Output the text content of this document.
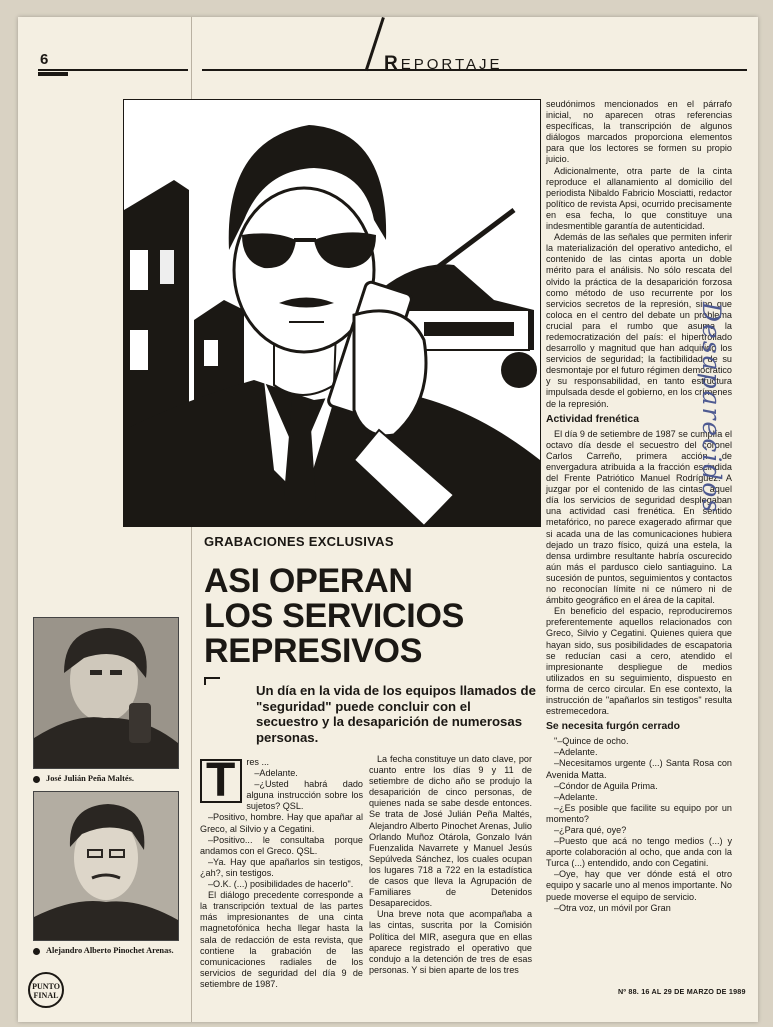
6	REPORTAJE
GRABACIONES EXCLUSIVAS
ASI OPERAN
LOS SERVICIOS
REPRESIVOS

Un día en la vida de los equipos llamados de "seguridad" puede concluir con el secuestro y la desaparición de numerosas personas.

T	res ...

–Adelante.

–¿Usted habrá dado alguna instrucción sobre los sujetos? QSL.

–Positivo, hombre. Hay que apañar al Greco, al Silvio y a Cegatini.

–Positivo... le consultaba porque andamos con el Greco. QSL.

–Ya. Hay que apañarlos sin testigos, ¿ah?, sin testigos.

–O.K. (...) posibilidades de hacerlo".

El diálogo precedente corresponde a la transcripción textual de las partes más impresionantes de una cinta magnetofónica hecha llegar hasta la sala de redacción de esta revista, que contiene la grabación de las comunicaciones radiales de los servicios de seguridad del día 9 de setiembre de 1987.

La fecha constituye un dato clave, por cuanto entre los días 9 y 11 de setiembre de dicho año se produjo la desaparición de cinco personas, de quienes nada se sabe desde entonces. Se trata de José Julián Peña Maltés, Alejandro Alberto Pinochet Arenas, Julio Orlando Muñoz Otárola, Gonzalo Iván Fuenzalida Navarrete y Manuel Jesús Sepúlveda Sánchez, los cuales ocupan los lugares 718 a 722 en la estadística de casos que lleva la Agrupación de Familiares de Detenidos Desaparecidos.

Una breve nota que acompañaba a las cintas, suscrita por la Comisión Política del MIR, asegura que en ellas aparece registrado el operativo que condujo a la detención de tres de esas personas. Y si bien aparte de los tres

seudónimos mencionados en el párrafo inicial, no aparecen otras referencias específicas, la transcripción de algunos diálogos marcados proporciona elementos para que los lectores se formen su propio juicio.

Adicionalmente, otra parte de la cinta reproduce el allanamiento al domicilio del periodista Nibaldo Fabricio Mosciatti, redactor político de revista Apsi, ocurrido precisamente en esa fecha, lo que constituye una indesmentible garantía de autenticidad.

Además de las señales que permiten inferir la materialización del operativo antedicho, el contenido de las cintas aporta un doble mérito para el análisis. No sólo rescata del olvido la práctica de la desaparición forzosa como método de uso recurrente por los servicios secretos de la represión, sino que coloca en el centro del debate un problema crucial para el rumbo que asuma la redemocratización del país: el hipertrofiado desarrollo y magnitud que han adquirido los servicios de seguridad; la factibilidad de su desmontaje por el futuro régimen democrático y su responsabilidad, en tanto estructura impulsada desde el gobierno, en los crímenes de la represión.

Actividad frenética

El día 9 de setiembre de 1987 se cumplía el octavo día desde el secuestro del coronel Carlos Carreño, primera acción de envergadura atribuida a la fracción escindida del Frente Patriótico Manuel Rodríguez. A juzgar por el contenido de las cintas, aquel día los servicios de seguridad desplegaban una actividad casi frenética. En sentido metafórico, no parece exagerado afirmar que si acada una de las comunicaciones hubiera dejado un trazo físico, quizá una estela, la densa urdimbre resultante habría oscurecido aún más el pardusco cielo santiaguino. La sucesión de puntos, seguimientos y contactos no reconocían límite ni ce número ni de ámbito geográfico en el área de la capital.

En beneficio del espacio, reproduciremos preferentemente aquellos relacionados con Greco, Silvio y Cegatini. Quienes quiera que hayan sido, sus posibilidades de escapatoria se reducían casi a cero, atendido el impresionante despliegue de medios utilizados en su seguimiento, dispuesto en forma de cerco circular. En ese contexto, la instrucción de "apañarlos sin testigos" resulta estremecedora.

Se necesita furgón cerrado

"–Quince de ocho.

–Adelante.

–Necesitamos urgente (...) Santa Rosa con Avenida Matta.

–Cóndor de Aguila Prima.

–Adelante.

–¿Es posible que facilite su equipo por un momento?

–¿Para qué, oye?

–Puesto que acá no tengo medios (...) y aporte colaboración al ocho, que anda con la Turca (...) entendido, ando con Cegatini.

–Oye, hay que ver dónde está el otro equipo y sacarle uno al menos importante. No puede moverse el equipo de servicio.

–Otra voz, un móvil por Gran

José Julián Peña Maltés.
Alejandro Alberto Pinochet Arenas.
PUNTO
FINAL	Nº 88. 16 AL 29 DE MARZO DE 1989
Desaparecidos
